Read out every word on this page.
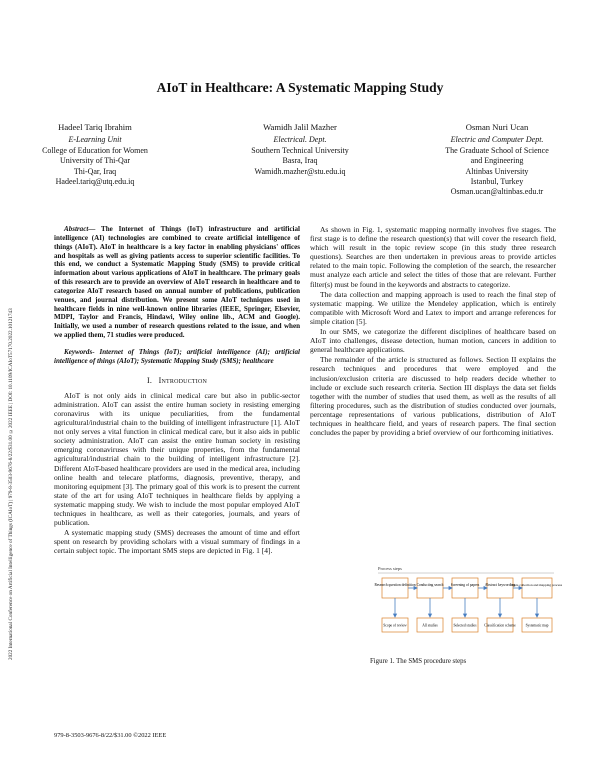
2022 International Conference on Artificial Intelligence of Things (ICAIoT) | 979-8-3503-9676-8/22/$31.00 ©2022 IEEE | DOI: 10.1109/ICAIoT57170.2022.10121743
AIoT in Healthcare: A Systematic Mapping Study
Hadeel Tariq Ibrahim
E-Learning Unit
College of Education for Women
University of Thi-Qar
Thi-Qar, Iraq
Hadeel.tariq@utq.edu.iq
Wamidh Jalil Mazher
Electrical. Dept.
Southern Technical University
Basra, Iraq
Wamidh.mazher@stu.edu.iq
Osman Nuri Ucan
Electric and Computer Dept.
The Graduate School of Science
and Engineering
Altinbas University
Istanbul, Turkey
Osman.ucan@altinbas.edu.tr
Abstract— The Internet of Things (IoT) infrastructure and artificial intelligence (AI) technologies are combined to create artificial intelligence of things (AIoT). AIoT in healthcare is a key factor in enabling physicians' offices and hospitals as well as giving patients access to superior scientific facilities. To this end, we conduct a Systematic Mapping Study (SMS) to provide critical information about various applications of AIoT in healthcare. The primary goals of this research are to provide an overview of AIoT research in healthcare and to categorize AIoT research based on annual number of publications, publication venues, and journal distribution. We present some AIoT techniques used in healthcare fields in nine well-known online libraries (IEEE, Springer, Elsevier, MDPI, Taylor and Francis, Hindawi, Wiley online lib., ACM and Google). Initially, we used a number of research questions related to the issue, and when we applied them, 71 studies were produced.
Keywords- Internet of Things (IoT); artificial intelligence (AI); artificial intelligence of things (AIoT); Systematic Mapping Study (SMS); healthcare
I. Introduction

AIoT is not only aids in clinical medical care but also in public-sector administration. AIoT can assist the entire human society in resisting emerging coronavirus with its unique peculiarities, from the fundamental agricultural/industrial chain to the building of intelligent infrastructure [1]. AIoT not only serves a vital function in clinical medical care, but it also aids in public society administration. AIoT can assist the entire human society in resisting emerging coronaviruses with their unique properties, from the fundamental agricultural/industrial chain to the building of intelligent infrastructure [2]. Different AIoT-based healthcare providers are used in the medical area, including online health and telecare platforms, diagnosis, preventive, therapy, and monitoring equipment [3]. The primary goal of this work is to present the current state of the art for using AIoT techniques in healthcare fields by applying a systematic mapping study. We wish to include the most popular employed AIoT techniques in healthcare, as well as their categories, journals, and years of publication.

A systematic mapping study (SMS) decreases the amount of time and effort spent on research by providing scholars with a visual summary of findings in a certain subject topic. The important SMS steps are depicted in Fig. 1 [4].

As shown in Fig. 1, systematic mapping normally involves five stages. The first stage is to define the research question(s) that will cover the research field, which will result in the topic review scope (in this study three research questions). Searches are then undertaken in previous areas to provide articles related to the main topic. Following the completion of the search, the researcher must analyze each article and select the titles of those that are relevant. Further filter(s) must be found in the keywords and abstracts to categorize.

The data collection and mapping approach is used to reach the final step of systematic mapping. We utilize the Mendeley application, which is entirely compatible with Microsoft Word and Latex to import and arrange references for simple citation [5].

In our SMS, we categorize the different disciplines of healthcare based on AIoT into challenges, disease detection, human motion, cancers in addition to general healthcare applications.

The remainder of the article is structured as follows. Section II explains the research techniques and procedures that were employed and the inclusion/exclusion criteria are discussed to help readers decide whether to include or exclude such research criteria. Section III displays the data set fields together with the number of studies that used them, as well as the results of all filtering procedures, such as the distribution of studies conducted over journals, percentage representations of various publications, distribution of AIoT techniques in healthcare field, and years of research papers. The final section concludes the paper by providing a brief overview of our forthcoming initiatives.

Process steps
Research question definition Conducting search Screening of papers Abstract keywording
Data collection and mapping process
Scope of review	All studies	Selected studies Classification scheme	Systematic map
Figure 1. The SMS procedure steps
979-8-3503-9676-8/22/$31.00 ©2022 IEEE
